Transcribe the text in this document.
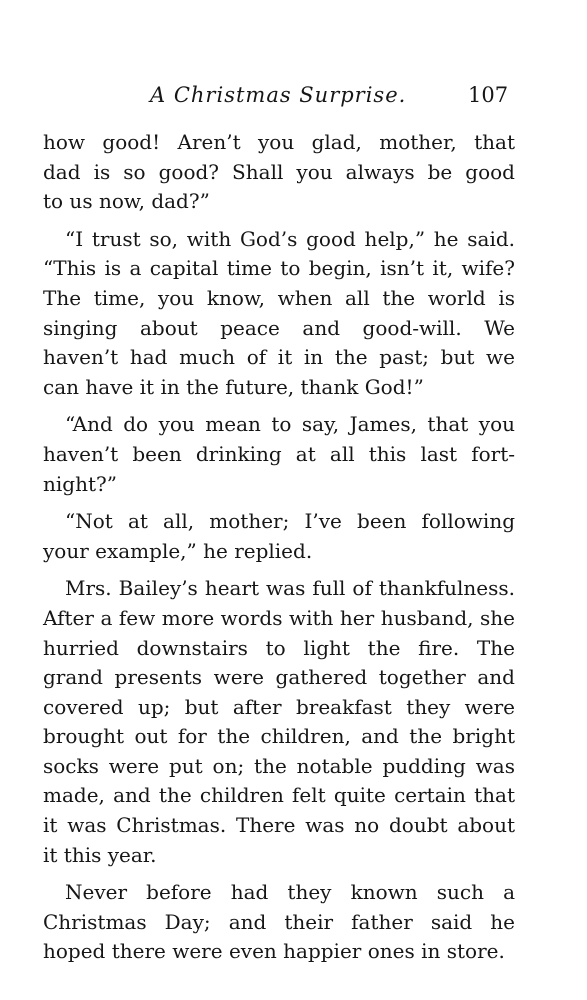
A Christmas Surprise.	107
how good! Aren’t you glad, mother, that
dad is so good? Shall you always be good
to us now, dad?”
“I trust so, with God’s good help,” he said.
“This is a capital time to begin, isn’t it, wife?
The time, you know, when all the world is
singing about peace and good-will. We
haven’t had much of it in the past; but we
can have it in the future, thank God!”
“And do you mean to say, James, that you
haven’t been drinking at all this last fort-
night?”
“Not at all, mother; I’ve been following
your example,” he replied.
Mrs. Bailey’s heart was full of thankfulness.
After a few more words with her husband, she
hurried downstairs to light the fire. The
grand presents were gathered together and
covered up; but after breakfast they were
brought out for the children, and the bright
socks were put on; the notable pudding was
made, and the children felt quite certain that
it was Christmas. There was no doubt about
it this year.
Never before had they known such a
Christmas Day; and their father said he
hoped there were even happier ones in store.
